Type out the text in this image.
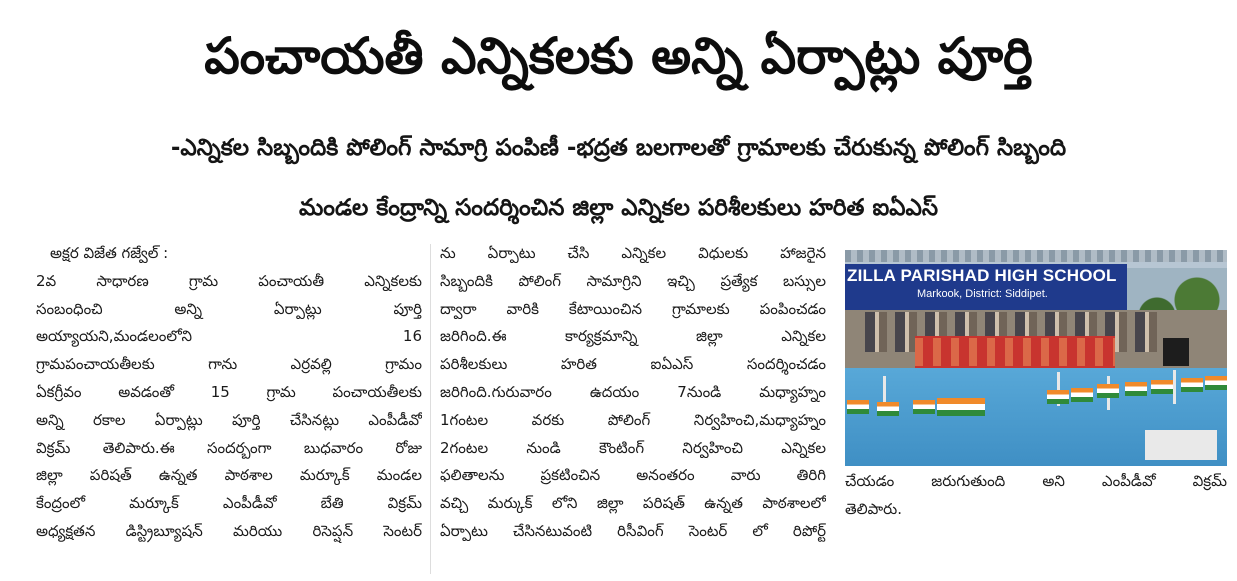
పంచాయతీ ఎన్నికలకు అన్ని ఏర్పాట్లు పూర్తి
-ఎన్నికల సిబ్బందికి పోలింగ్ సామాగ్రి పంపిణీ -భద్రత బలగాలతో గ్రామాలకు చేరుకున్న పోలింగ్ సిబ్బంది
మండల కేంద్రాన్ని సందర్శించిన జిల్లా ఎన్నికల పరిశీలకులు హరిత ఐఏఎస్
అక్షర విజేత గజ్వేల్ :
2వ సాధారణ గ్రామ పంచాయతీ ఎన్నికలకు
సంబంధించి అన్ని ఏర్పాట్లు పూర్తి
అయ్యాయని,మండలంలోని 16
గ్రామపంచాయతీలకు గాను ఎర్రవల్లి గ్రామం
ఏకగ్రీవం అవడంతో 15 గ్రామ పంచాయతీలకు
అన్ని రకాల ఏర్పాట్లు పూర్తి చేసినట్లు ఎంపీడీవో
విక్రమ్ తెలిపారు.ఈ సందర్బంగా బుధవారం రోజు
జిల్లా పరిషత్ ఉన్నత పాఠశాల మర్కూక్ మండల
కేంద్రంలో మర్కూక్ ఎంపీడీవో బేతి విక్రమ్
అధ్యక్షతన డిస్ట్రిబ్యూషన్ మరియు రిసెప్షన్ సెంటర్
ను ఏర్పాటు చేసి ఎన్నికల విధులకు హాజరైన
సిబ్బందికి పోలింగ్ సామాగ్రిని ఇచ్చి ప్రత్యేక బస్సుల
ద్వారా వారికి కేటాయించిన గ్రామాలకు పంపించడం
జరిగింది.ఈ కార్యక్రమాన్ని జిల్లా ఎన్నికల
పరిశీలకులు హరిత ఐఏఎస్ సందర్శించడం
జరిగింది.గురువారం ఉదయం 7నుండి మధ్యాహ్నం
1గంటల వరకు పోలింగ్ నిర్వహించి,మధ్యాహ్నం
2గంటల నుండి కౌంటింగ్ నిర్వహించి ఎన్నికల
ఫలితాలను ప్రకటించిన అనంతరం వారు తిరిగి
వచ్చి మర్కుక్ లోని జిల్లా పరిషత్ ఉన్నత పాఠశాలలో
ఏర్పాటు చేసినటువంటి రిసీవింగ్ సెంటర్ లో రిపోర్ట్
ZILLA PARISHAD HIGH SCHOOL
Markook, District: Siddipet.
చేయడం జరుగుతుంది అని ఎంపీడీవో విక్రమ్
తెలిపారు.
